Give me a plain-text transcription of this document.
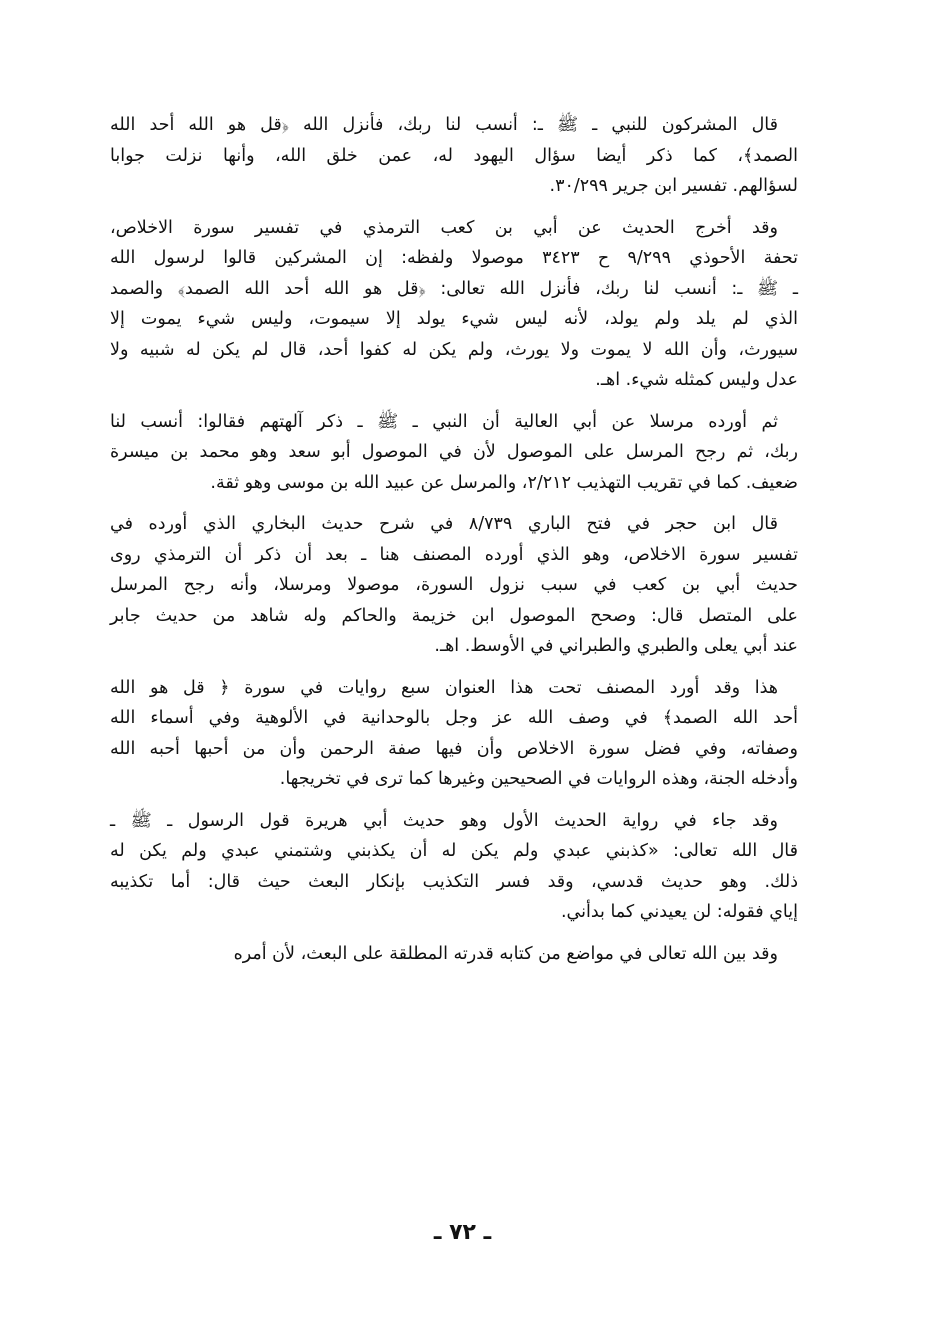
قال المشركون للنبي ـ ﷺ ـ: أنسب لنا ربك، فأنزل الله ﴿قل هو الله أحد الله
الصمد﴾، كما ذكر أيضا سؤال اليهود له، عمن خلق الله، وأنها نزلت جوابا
لسؤالهم. تفسير ابن جرير ٣٠/٢٩٩.
وقد أخرج الحديث عن أبي بن كعب الترمذي في تفسير سورة الاخلاص،
تحفة الأحوذي ٩/٢٩٩ ح ٣٤٢٣ موصولا ولفظه: إن المشركين قالوا لرسول الله
ـ ﷺ ـ: أنسب لنا ربك، فأنزل الله تعالى: ﴿قل هو الله أحد الله الصمد﴾ والصمد
الذي لم يلد ولم يولد، لأنه ليس شيء يولد إلا سيموت، وليس شيء يموت إلا
سيورث، وأن الله لا يموت ولا يورث، ولم يكن له كفوا أحد، قال لم يكن له شبيه ولا
عدل وليس كمثله شيء. اهـ.
ثم أورده مرسلا عن أبي العالية أن النبي ـ ﷺ ـ ذكر آلهتهم فقالوا: أنسب لنا
ربك، ثم رجح المرسل على الموصول لأن في الموصول أبو سعد وهو محمد بن ميسرة
ضعيف. كما في تقريب التهذيب ٢/٢١٢، والمرسل عن عبيد الله بن موسى وهو ثقة.
قال ابن حجر في فتح الباري ٨/٧٣٩ في شرح حديث البخاري الذي أورده في
تفسير سورة الاخلاص، وهو الذي أورده المصنف هنا ـ بعد أن ذكر أن الترمذي روى
حديث أبي بن كعب في سبب نزول السورة، موصولا ومرسلا، وأنه رجح المرسل
على المتصل قال: وصحح الموصول ابن خزيمة والحاكم وله شاهد من حديث جابر
عند أبي يعلى والطبري والطبراني في الأوسط. اهـ.
هذا وقد أورد المصنف تحت هذا العنوان سبع روايات في سورة ﴿ قل هو الله
أحد الله الصمد﴾ في وصف الله عز وجل بالوحدانية في الألوهية وفي أسماء الله
وصفاته، وفي فضل سورة الاخلاص وأن فيها صفة الرحمن وأن من أحبها أحبه الله
وأدخله الجنة، وهذه الروايات في الصحيحين وغيرها كما ترى في تخريجها.
وقد جاء في رواية الحديث الأول وهو حديث أبي هريرة قول الرسول ـ ﷺ ـ
قال الله تعالى: «كذبني عبدي ولم يكن له أن يكذبني وشتمني عبدي ولم يكن له
ذلك. وهو حديث قدسي، وقد فسر التكذيب بإنكار البعث حيث قال: أما تكذيبه
إياي فقوله: لن يعيدني كما بدأني.
وقد بين الله تعالى في مواضع من كتابه قدرته المطلقة على البعث، لأن أمره
ـ ٧٢ ـ
